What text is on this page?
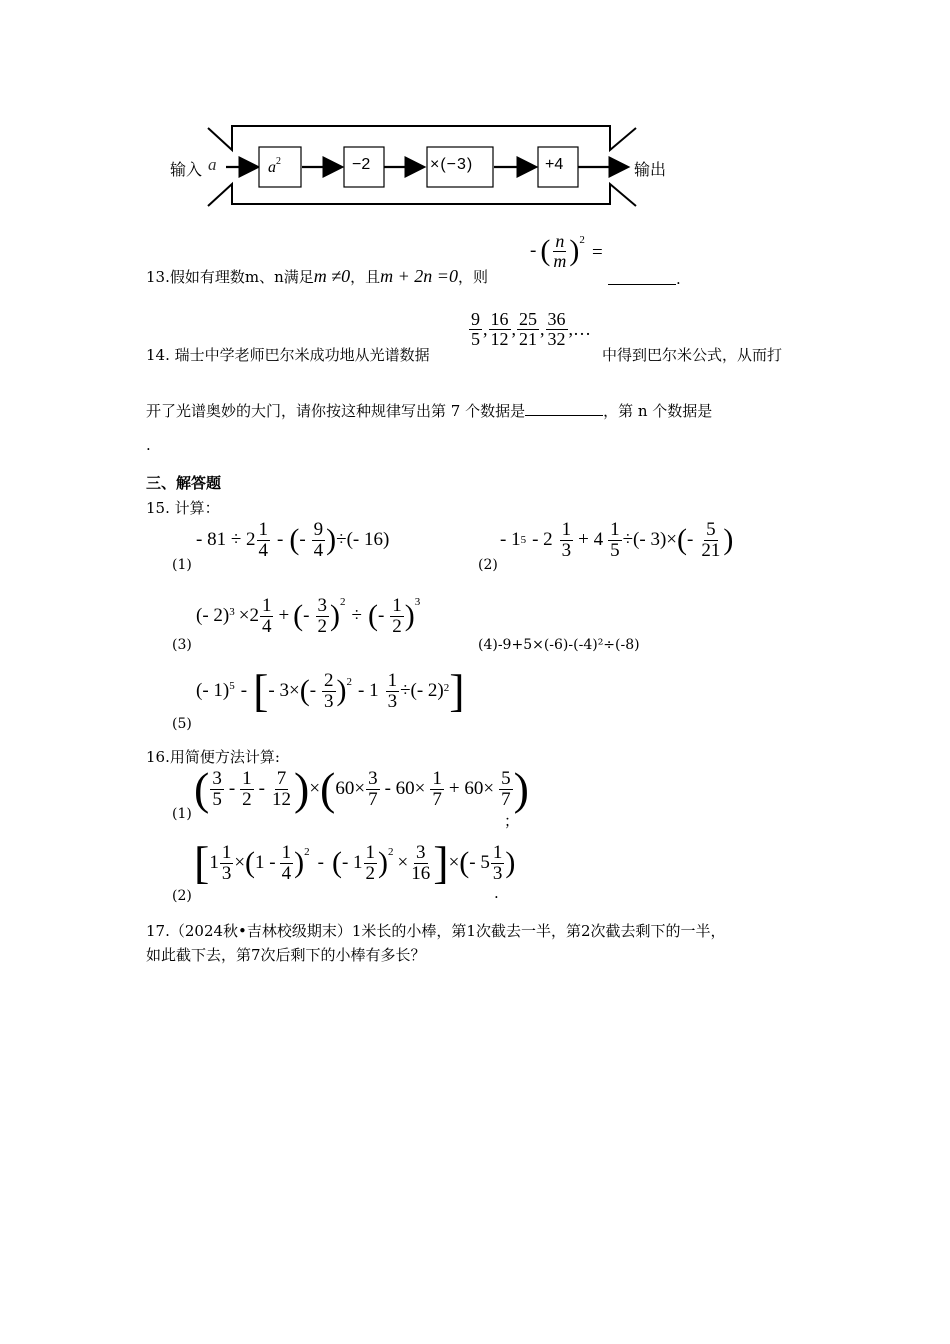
输入 a	$a^2$	−2	×(−3)	+4	输出
13.假如有理数m、n满足m ≠0，且m + 2n =0，则
- ( $\frac{n}{m}$ ) 2
=
.
14. 瑞士中学老师巴尔米成功地从光谱数据
$\frac{9}{5}$ , $\frac{16}{12}$ , $\frac{25}{21}$ , $\frac{36}{32}$ , …
中得到巴尔米公式，从而打
开了光谱奥妙的大门，请你按这种规律写出第 7 个数据是	，第 n 个数据是
.
三、解答题
15. 计算：
(1)
- $81 \div 2 \frac{1}{4}$ - ( - $\frac{9}{4}$ ) ÷(- 16)
(2)
- 1 $5 - 2 \frac{1}{3} + 4 \frac{1}{5}$ ÷(- 3)× ( - $\frac{5}{21}$ )
(3)
(- 2) $3 \times 2 \frac{1}{4}$ + ( - $\frac{3}{2}$ ) 2
÷ ( - $\frac{1}{2}$ ) 3
(4)-9+5×(-6)-(-4)²÷(-8)
(5)
(- 1) 5 - [ - 3× ( - $\frac{2}{3}$ ) $2 - 1 \frac{1}{3}$ ÷(- 2) 2 ]
16.用简便方法计算:
(1) ( $\frac{3}{5} - \frac{1}{2} - \frac{7}{12}$ ) × ( $60\times \frac{3}{7} - 60\times \frac{1}{7} + 60\times \frac{5}{7}$ )
；
(2)
[ $1 \frac{1}{3}$ × ( $1 - \frac{1}{4}$ ) 2 - ( - $1 \frac{1}{2}$ ) $2 \times \frac{3}{16}$ ] × ( - $5 \frac{1}{3}$ )
.
17.（2024秋•吉林校级期末）1米长的小棒，第1次截去一半，第2次截去剩下的一半，
如此截下去，第7次后剩下的小棒有多长？
